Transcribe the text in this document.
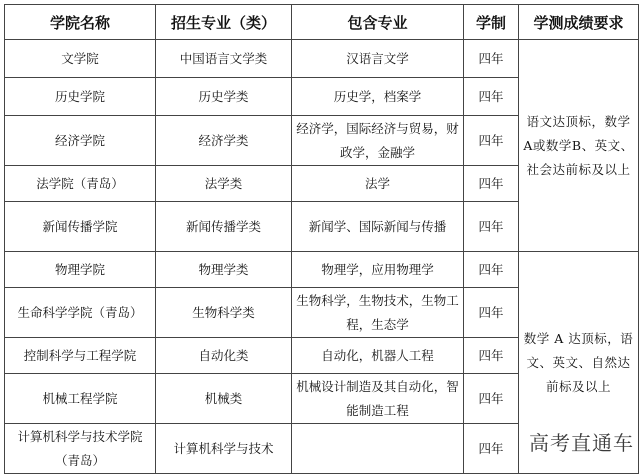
学院名称	招生专业（类）	包含专业	学制	学测成绩要求
文学院	中国语言文学类	汉语言文学	四年	语文达顶标，数学A或数学B、英文、社会达前标及以上
历史学院	历史学类	历史学，档案学	四年	
经济学院	经济学类	经济学，国际经济与贸易，财政学，金融学	四年	
法学院（青岛）	法学类	法学	四年	
新闻传播学院	新闻传播学类	新闻学、国际新闻与传播	四年	
物理学院	物理学类	物理学，应用物理学	四年	数学 A 达顶标，语文、英文、自然达前标及以上
生命科学学院（青岛）	生物科学类	生物科学，生物技术，生物工程，生态学	四年	
控制科学与工程学院	自动化类	自动化，机器人工程	四年	
机械工程学院	机械类	机械设计制造及其自动化，智能制造工程	四年	
计算机科学与技术学院（青岛）	计算机科学与技术		四年	高考直通车
